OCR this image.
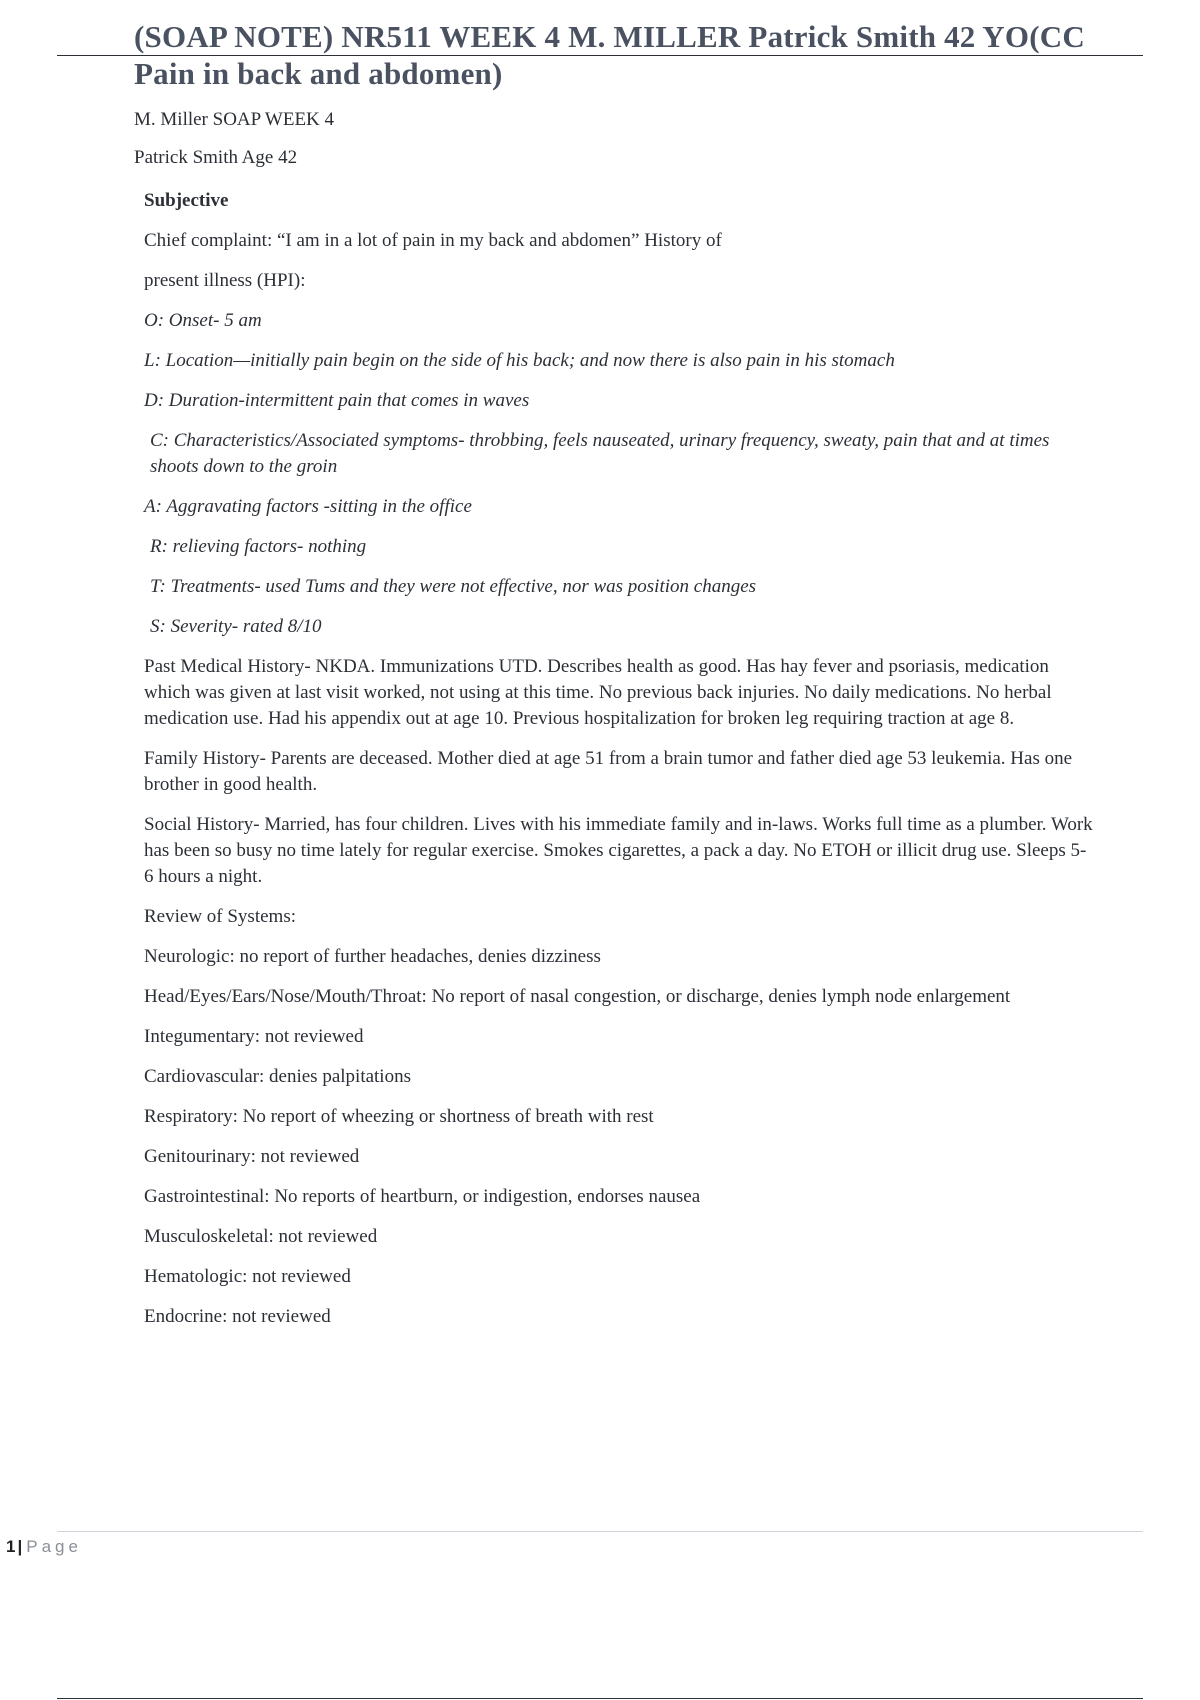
(SOAP NOTE) NR511 WEEK 4 M. MILLER Patrick Smith 42 YO(CC Pain in back and abdomen)

M. Miller SOAP WEEK 4

Patrick Smith Age 42

Subjective

Chief complaint: “I am in a lot of pain in my back and abdomen” History of

present illness (HPI):

O: Onset- 5 am

L: Location—initially pain begin on the side of his back; and now there is also pain in his stomach

D: Duration-intermittent pain that comes in waves

C: Characteristics/Associated symptoms- throbbing, feels nauseated, urinary frequency, sweaty, pain that and at times shoots down to the groin

A: Aggravating factors -sitting in the office

R: relieving factors- nothing

T: Treatments- used Tums and they were not effective, nor was position changes

S: Severity- rated 8/10

Past Medical History- NKDA. Immunizations UTD. Describes health as good. Has hay fever and psoriasis, medication which was given at last visit worked, not using at this time. No previous back injuries. No daily medications. No herbal medication use. Had his appendix out at age 10. Previous hospitalization for broken leg requiring traction at age 8.

Family History- Parents are deceased. Mother died at age 51 from a brain tumor and father died age 53 leukemia. Has one brother in good health.

Social History- Married, has four children. Lives with his immediate family and in-laws. Works full time as a plumber. Work has been so busy no time lately for regular exercise. Smokes cigarettes, a pack a day. No ETOH or illicit drug use. Sleeps 5-6 hours a night.

Review of Systems:

Neurologic: no report of further headaches, denies dizziness

Head/Eyes/Ears/Nose/Mouth/Throat: No report of nasal congestion, or discharge, denies lymph node enlargement

Integumentary: not reviewed

Cardiovascular: denies palpitations

Respiratory: No report of wheezing or shortness of breath with rest

Genitourinary: not reviewed

Gastrointestinal: No reports of heartburn, or indigestion, endorses nausea

Musculoskeletal: not reviewed

Hematologic: not reviewed

Endocrine: not reviewed

1 | Page
